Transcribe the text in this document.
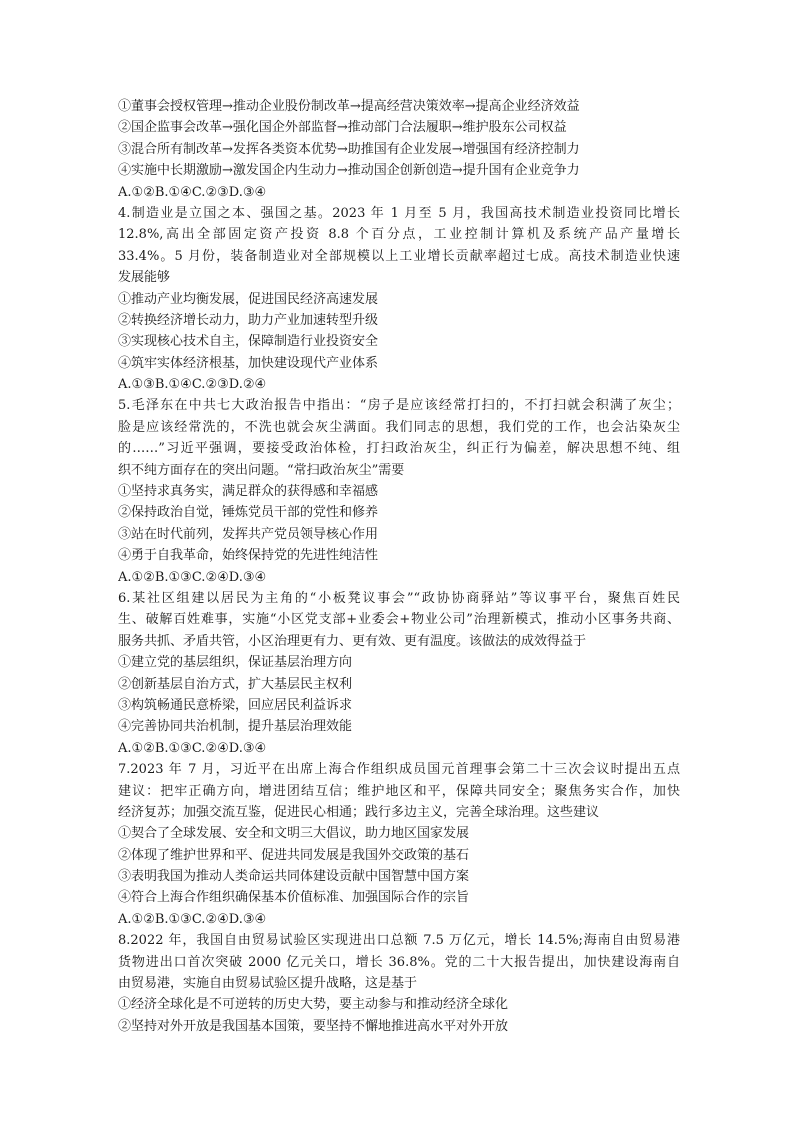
①董事会授权管理→推动企业股份制改革→提高经营决策效率→提高企业经济效益
②国企监事会改革→强化国企外部监督→推动部门合法履职→维护股东公司权益
③混合所有制改革→发挥各类资本优势→助推国有企业发展→增强国有经济控制力
④实施中长期激励→激发国企内生动力→推动国企创新创造→提升国有企业竞争力
A.①②B.①④C.②③D.③④
4.制造业是立国之本、强国之基。2023 年 1 月至 5 月，我国高技术制造业投资同比增长
12.8%,高出全部固定资产投资 8.8 个百分点，工业控制计算机及系统产品产量增长
33.4%。5 月份，装备制造业对全部规模以上工业增长贡献率超过七成。高技术制造业快速
发展能够
①推动产业均衡发展，促进国民经济高速发展
②转换经济增长动力，助力产业加速转型升级
③实现核心技术自主，保障制造行业投资安全
④筑牢实体经济根基，加快建设现代产业体系
A.①③B.①④C.②③D.②④
5.毛泽东在中共七大政治报告中指出：“房子是应该经常打扫的，不打扫就会积满了灰尘；
脸是应该经常洗的，不洗也就会灰尘满面。我们同志的思想，我们党的工作，也会沾染灰尘
的……”习近平强调，要接受政治体检，打扫政治灰尘，纠正行为偏差，解决思想不纯、组
织不纯方面存在的突出问题。“常扫政治灰尘”需要
①坚持求真务实，满足群众的获得感和幸福感
②保持政治自觉，锤炼党员干部的党性和修养
③站在时代前列，发挥共产党员领导核心作用
④勇于自我革命，始终保持党的先进性纯洁性
A.①②B.①③C.②④D.③④
6.某社区组建以居民为主角的“小板凳议事会”“政协协商驿站”等议事平台，聚焦百姓民
生、破解百姓难事，实施“小区党支部+业委会+物业公司”治理新模式，推动小区事务共商、
服务共抓、矛盾共管，小区治理更有力、更有效、更有温度。该做法的成效得益于
①建立党的基层组织，保证基层治理方向
②创新基层自治方式，扩大基层民主权利
③构筑畅通民意桥梁，回应居民利益诉求
④完善协同共治机制，提升基层治理效能
A.①②B.①③C.②④D.③④
7.2023 年 7 月，习近平在出席上海合作组织成员国元首理事会第二十三次会议时提出五点
建议：把牢正确方向，增进团结互信；维护地区和平，保障共同安全；聚焦务实合作，加快
经济复苏；加强交流互鉴，促进民心相通；践行多边主义，完善全球治理。这些建议
①契合了全球发展、安全和文明三大倡议，助力地区国家发展
②体现了维护世界和平、促进共同发展是我国外交政策的基石
③表明我国为推动人类命运共同体建设贡献中国智慧中国方案
④符合上海合作组织确保基本价值标准、加强国际合作的宗旨
A.①②B.①③C.②④D.③④
8.2022 年，我国自由贸易试验区实现进出口总额 7.5 万亿元，增长 14.5%;海南自由贸易港
货物进出口首次突破 2000 亿元关口，增长 36.8%。党的二十大报告提出，加快建设海南自
由贸易港，实施自由贸易试验区提升战略，这是基于
①经济全球化是不可逆转的历史大势，要主动参与和推动经济全球化
②坚持对外开放是我国基本国策，要坚持不懈地推进高水平对外开放
